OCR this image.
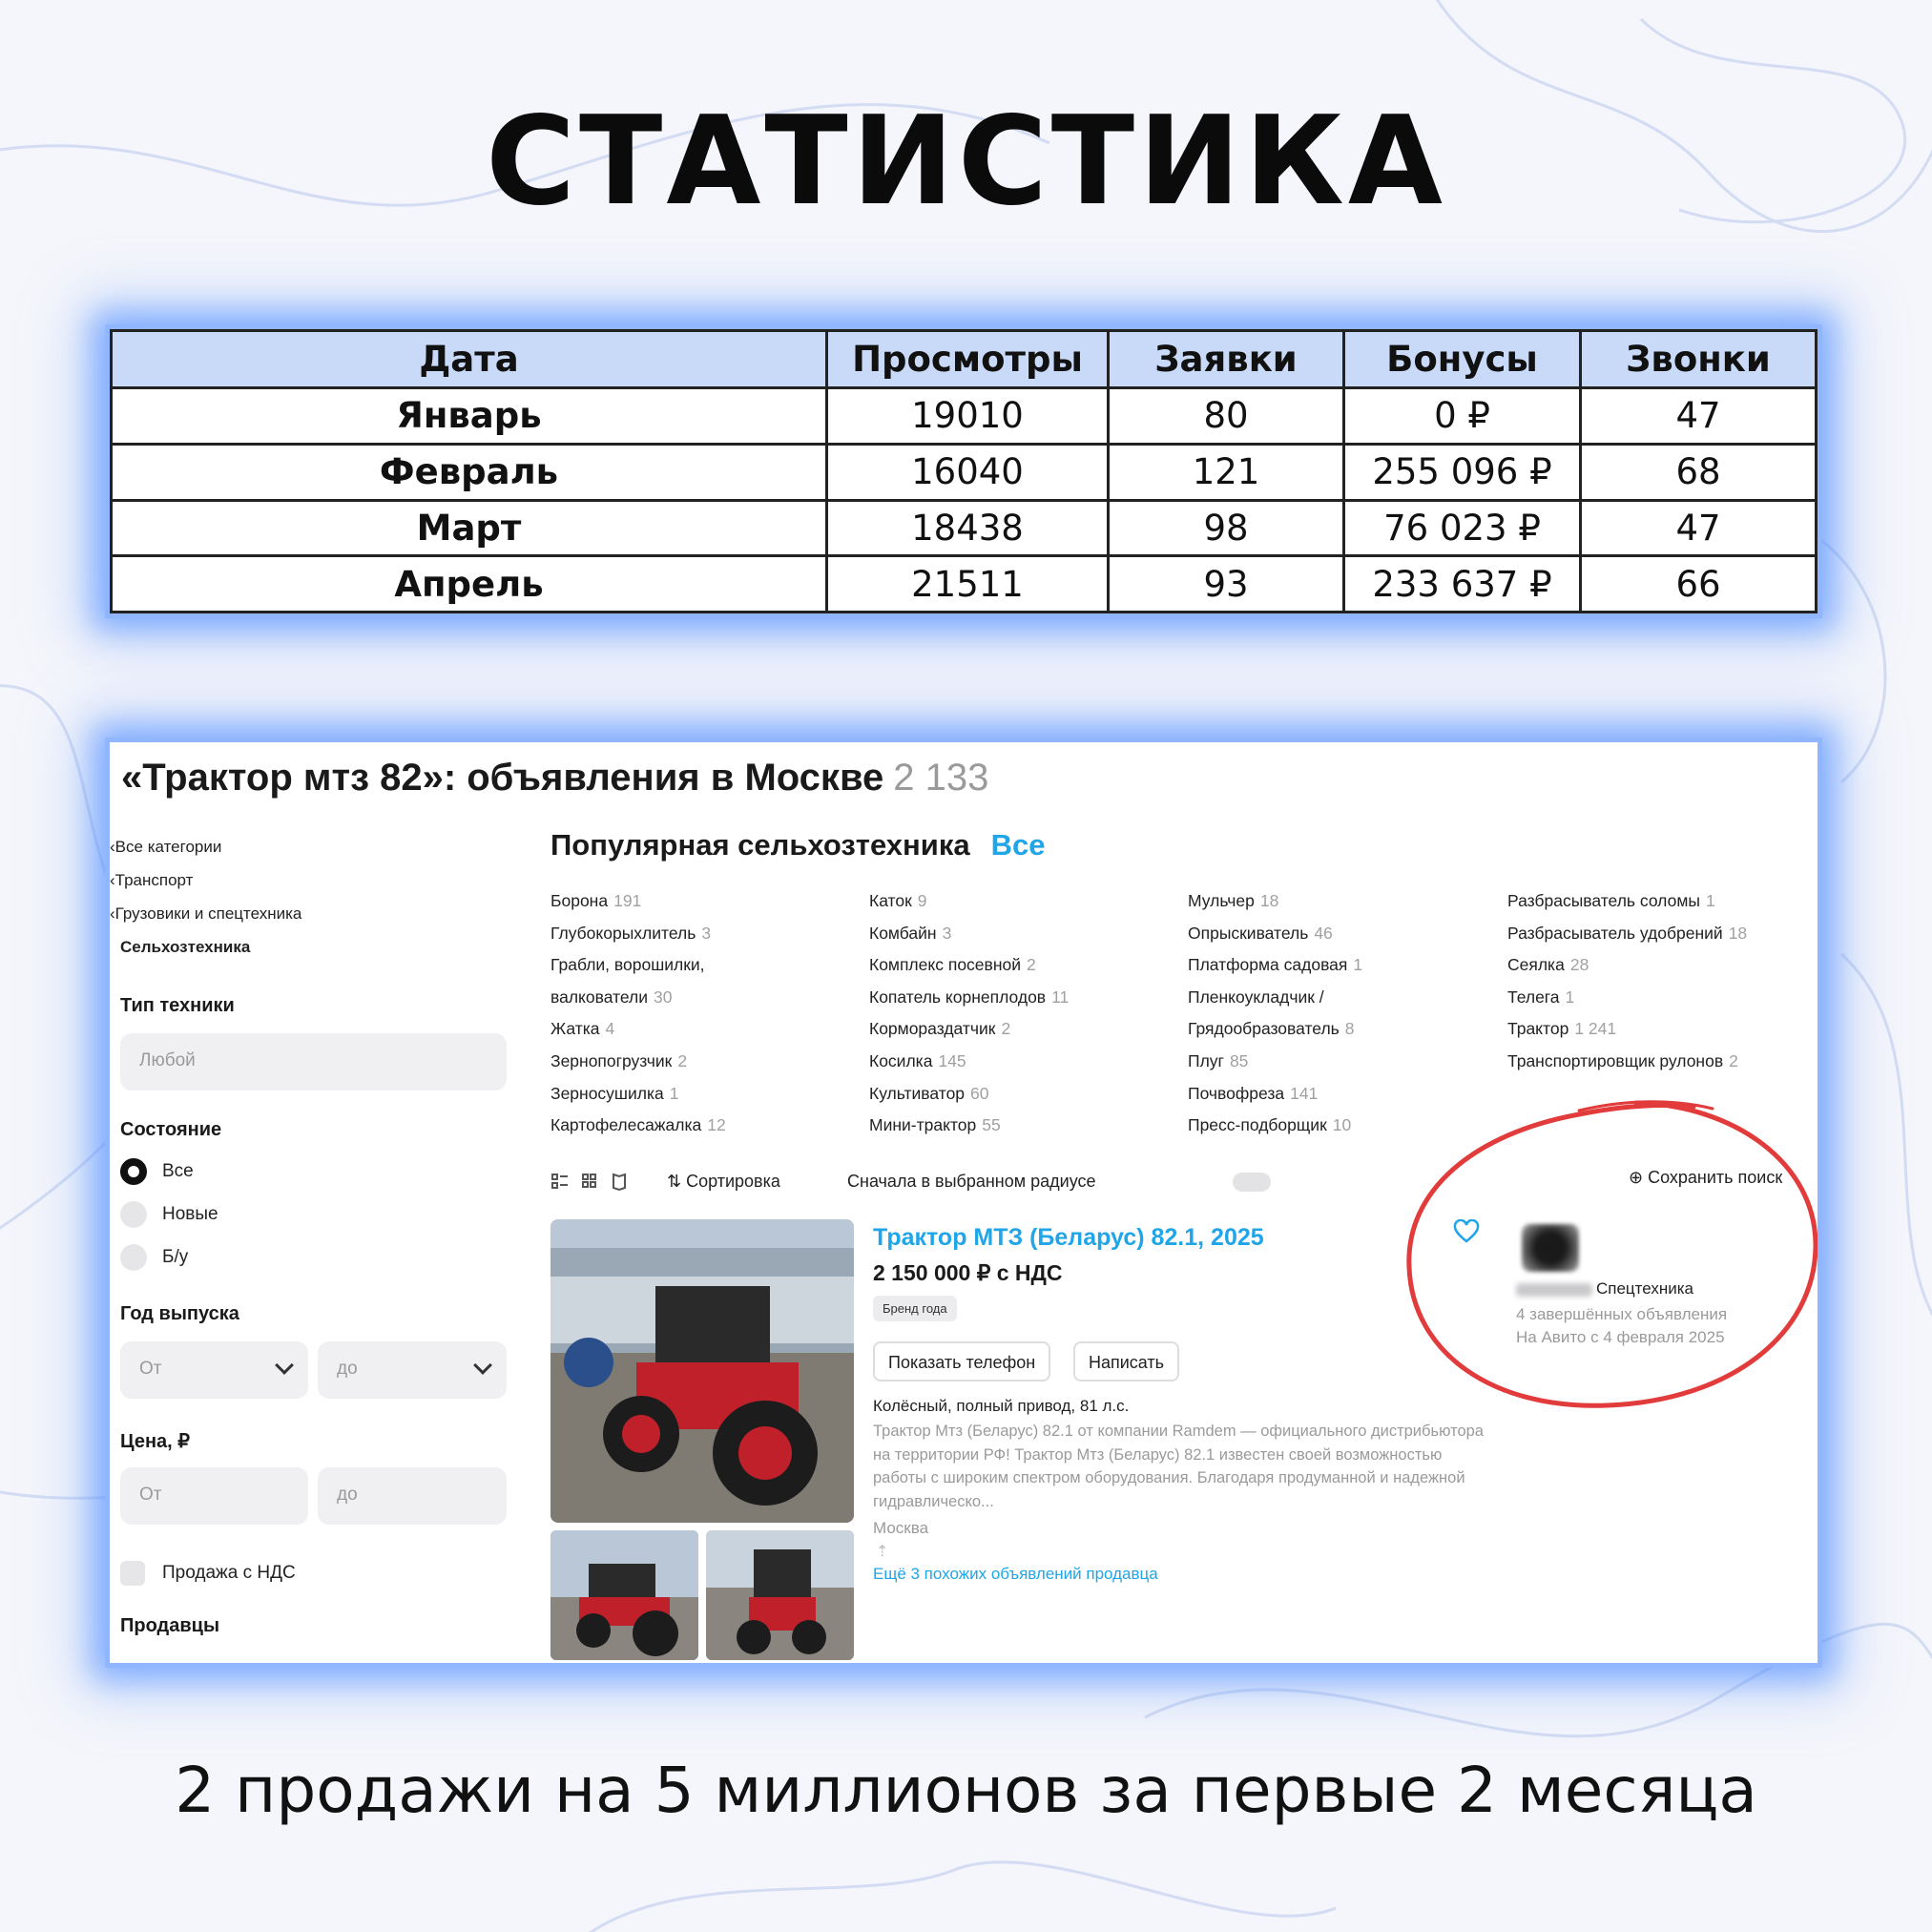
СТАТИСТИКА
Дата	Просмотры	Заявки	Бонусы	Звонки
Январь	19010	80	0 ₽	47
Февраль	16040	121	255 096 ₽	68
Март	18438	98	76 023 ₽	47
Апрель	21511	93	233 637 ₽	66
«Трактор мтз 82»: объявления в Москве 2 133
‹Все категории
‹Транспорт
‹Грузовики и спецтехника
Сельхозтехника
Тип техники
Любой
Состояние
Все
Новые
Б/у
Год выпуска
От	до
Цена, ₽
От	до
Продажа с НДС
Продавцы
Популярная сельхозтехника Все
Борона 191
Глубокорыхлитель 3
Грабли, ворошилки,
валкователи 30
Жатка 4
Зернопогрузчик 2
Зерносушилка 1
Картофелесажалка 12
Каток 9
Комбайн 3
Комплекс посевной 2
Копатель корнеплодов 11
Кормораздатчик 2
Косилка 145
Культиватор 60
Мини-трактор 55
Мульчер 18
Опрыскиватель 46
Платформа садовая 1
Пленкоукладчик /
Грядообразователь 8
Плуг 85
Почвофреза 141
Пресс-подборщик 10
Разбрасыватель соломы 1
Разбрасыватель удобрений 18
Сеялка 28
Телега 1
Трактор 1 241
Транспортировщик рулонов 2
⇅ Сортировка	Сначала в выбранном радиусе	⊕ Сохранить поиск
Трактор МТЗ (Беларус) 82.1, 2025
2 150 000 ₽ с НДС
Бренд года
Показать телефон	Написать
Колёсный, полный привод, 81 л.с.
Трактор Мтз (Беларус) 82.1 от компании Ramdem — официального дистрибьютора на территории РФ! Трактор Мтз (Беларус) 82.1 известен своей возможностью работы с широким спектром оборудования. Благодаря продуманной и надежной гидравлическо...
Москва
⇡
Ещё 3 похожих объявлений продавца
Спецтехника
4 завершённых объявления
На Авито с 4 февраля 2025
2 продажи на 5 миллионов за первые 2 месяца
